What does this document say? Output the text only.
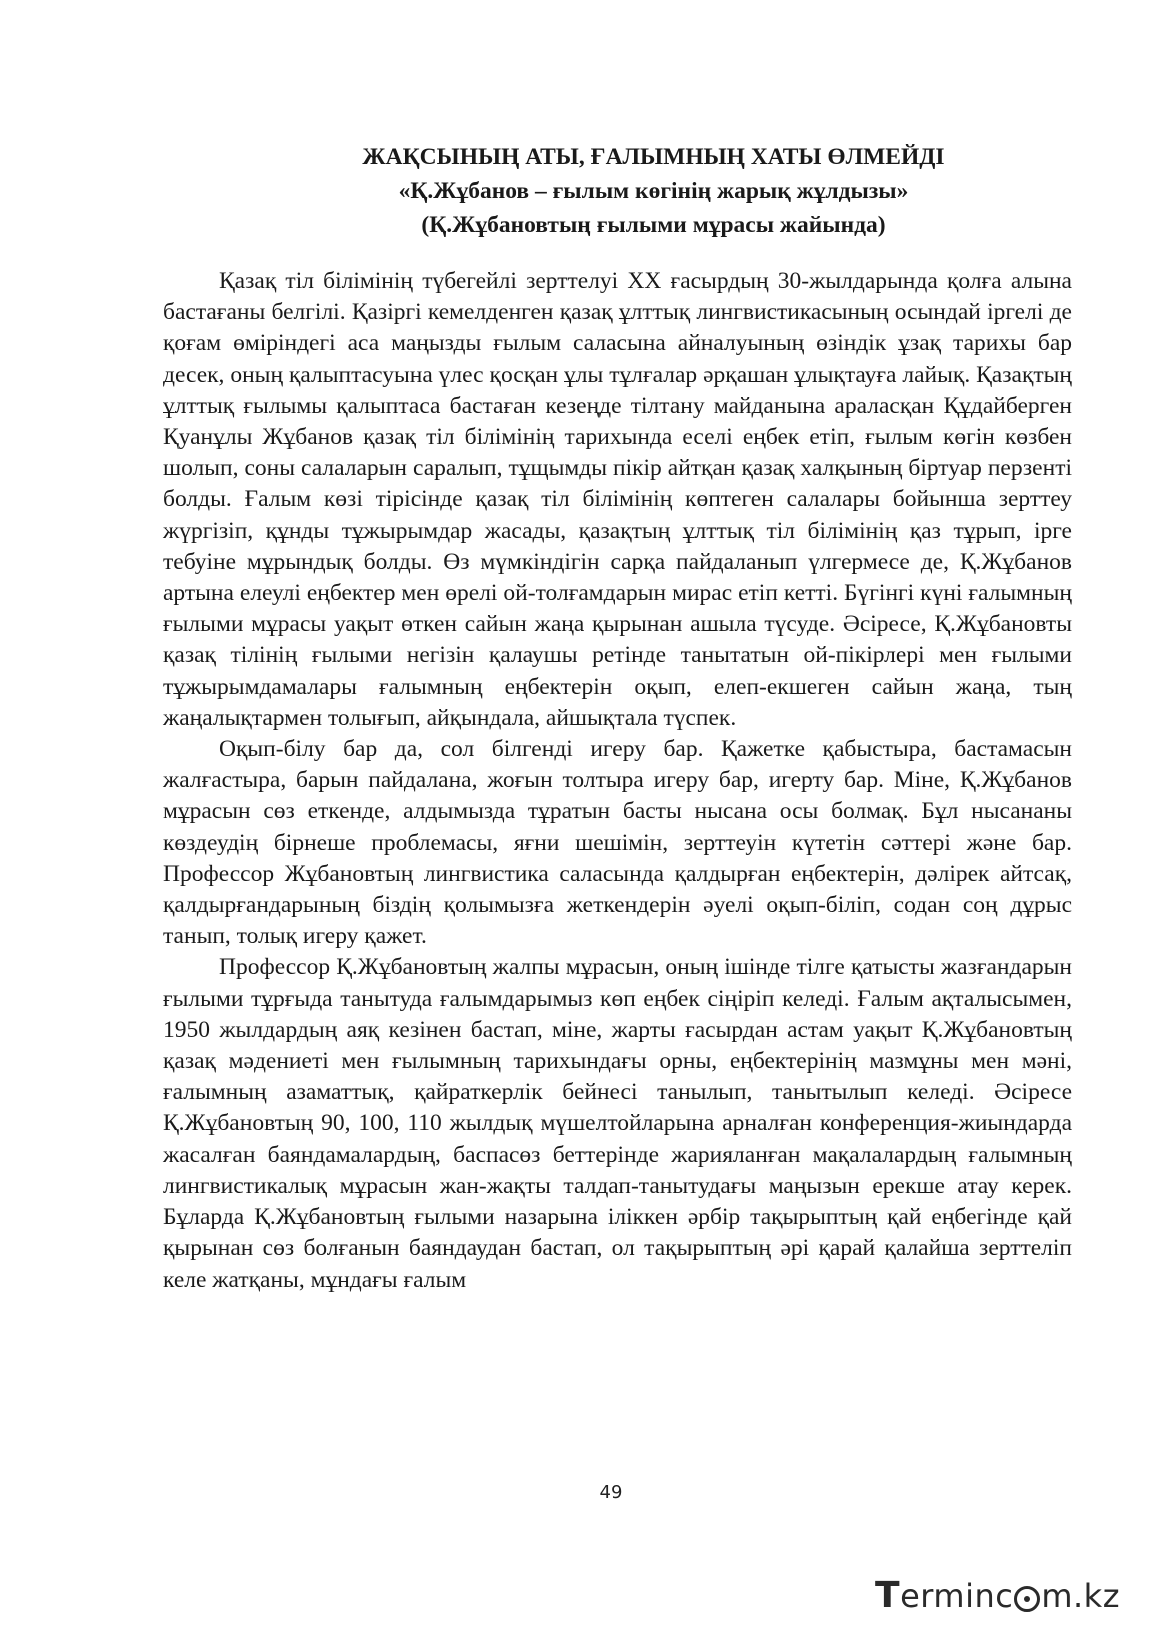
ЖАҚСЫНЫҢ АТЫ, ҒАЛЫМНЫҢ ХАТЫ ӨЛМЕЙДІ

«Қ.Жұбанов – ғылым көгінің жарық жұлдызы»

(Қ.Жұбановтың ғылыми мұрасы жайында)

Қазақ тіл білімінің түбегейлі зерттелуі ХХ ғасырдың 30-жылдарында қолға алына бастағаны белгілі. Қазіргі кемелденген қазақ ұлттық лингвистикасының осындай іргелі де қоғам өміріндегі аса маңызды ғылым саласына айналуының өзіндік ұзақ тарихы бар десек, оның қалыптасуына үлес қосқан ұлы тұлғалар әрқашан ұлықтауға лайық. Қазақтың ұлттық ғылымы қалыптаса бастаған кезеңде тілтану майданына араласқан Құдайберген Қуанұлы Жұбанов қазақ тіл білімінің тарихында еселі еңбек етіп, ғылым көгін көзбен шолып, соны салаларын саралып, тұщымды пікір айтқан қазақ халқының біртуар перзенті болды. Ғалым көзі тірісінде қазақ тіл білімінің көптеген салалары бойынша зерттеу жүргізіп, құнды тұжырымдар жасады, қазақтың ұлттық тіл білімінің қаз тұрып, ірге тебуіне мұрындық болды. Өз мүмкіндігін сарқа пайдаланып үлгермесе де, Қ.Жұбанов артына елеулі еңбектер мен өрелі ой-толғамдарын мирас етіп кетті. Бүгінгі күні ғалымның ғылыми мұрасы уақыт өткен сайын жаңа қырынан ашыла түсуде. Әсіресе, Қ.Жұбановты қазақ тілінің ғылыми негізін қалаушы ретінде танытатын ой-пікірлері мен ғылыми тұжырымдамалары ғалымның еңбектерін оқып, елеп-екшеген сайын жаңа, тың жаңалықтармен толығып, айқындала, айшықтала түспек.

Оқып-білу бар да, сол білгенді игеру бар. Қажетке қабыстыра, бастамасын жалғастыра, барын пайдалана, жоғын толтыра игеру бар, игерту бар. Міне, Қ.Жұбанов мұрасын сөз еткенде, алдымызда тұратын басты нысана осы болмақ. Бұл нысананы көздеудің бірнеше проблемасы, яғни шешімін, зерттеуін күтетін сәттері және бар. Профессор Жұбановтың лингвистика саласында қалдырған еңбектерін, дәлірек айтсақ, қалдырғандарының біздің қолымызға жеткендерін әуелі оқып-біліп, содан соң дұрыс танып, толық игеру қажет.

Профессор Қ.Жұбановтың жалпы мұрасын, оның ішінде тілге қатысты жазғандарын ғылыми тұрғыда танытуда ғалымдарымыз көп еңбек сіңіріп келеді. Ғалым ақталысымен, 1950 жылдардың аяқ кезінен бастап, міне, жарты ғасырдан астам уақыт Қ.Жұбановтың қазақ мәдениеті мен ғылымның тарихындағы орны, еңбектерінің мазмұны мен мәні, ғалымның азаматтық, қайраткерлік бейнесі танылып, танытылып келеді. Әсіресе Қ.Жұбановтың 90, 100, 110 жылдық мүшелтойларына арналған конференция-жиындарда жасалған баяндамалардың, баспасөз беттерінде жарияланған мақалалардың ғалымның лингвистикалық мұрасын жан-жақты талдап-танытудағы маңызын ерекше атау керек. Бұларда Қ.Жұбановтың ғылыми назарына іліккен әрбір тақырыптың қай еңбегінде қай қырынан сөз болғанын баяндаудан бастап, ол тақырыптың әрі қарай қалайша зерттеліп келе жатқаны, мұндағы ғалым

49
T erminc m.kz
